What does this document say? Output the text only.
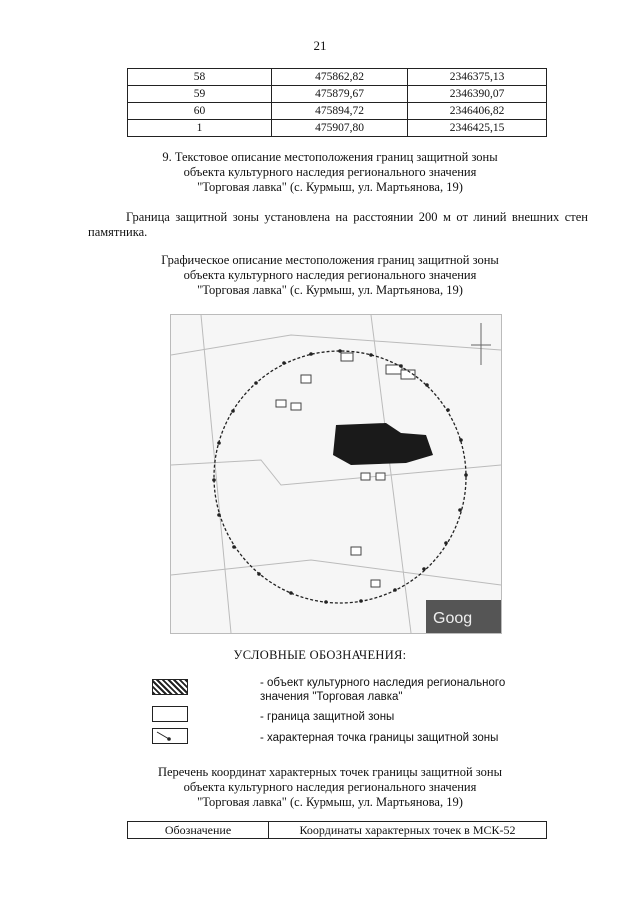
21
58	475862,82	2346375,13
59	475879,67	2346390,07
60	475894,72	2346406,82
1	475907,80	2346425,15
9. Текстовое описание местоположения границ защитной зоны
объекта культурного наследия регионального значения
"Торговая лавка" (с. Курмыш, ул. Мартьянова, 19)
Граница защитной зоны установлена на расстоянии 200 м от линий внешних стен памятника.
Графическое описание местоположения границ защитной зоны
объекта культурного наследия регионального значения
"Торговая лавка" (с. Курмыш, ул. Мартьянова, 19)
Goog
УСЛОВНЫЕ ОБОЗНАЧЕНИЯ:
- объект культурного наследия регионального
значения "Торговая лавка"
- граница защитной зоны
- характерная точка границы защитной зоны
Перечень координат характерных точек границы защитной зоны
объекта культурного наследия регионального значения
"Торговая лавка" (с. Курмыш, ул. Мартьянова, 19)
Обозначение	Координаты характерных точек в МСК-52
